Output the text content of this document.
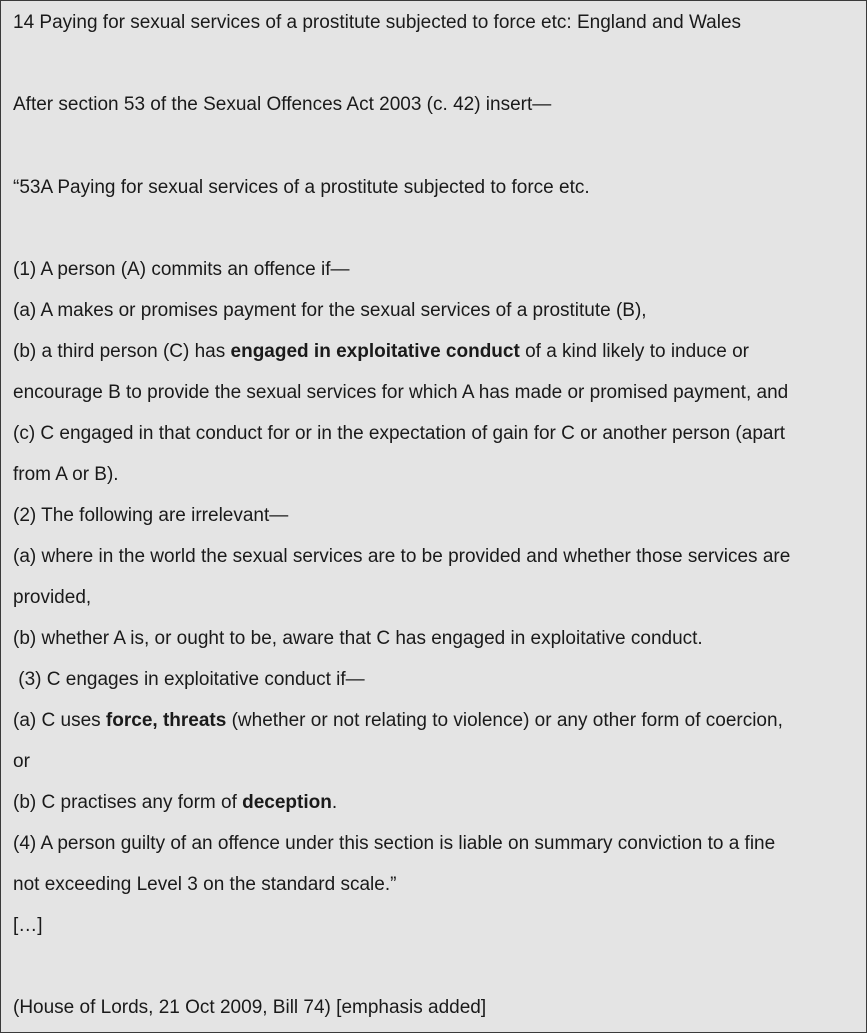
14 Paying for sexual services of a prostitute subjected to force etc: England and Wales
After section 53 of the Sexual Offences Act 2003 (c. 42) insert—
“53A Paying for sexual services of a prostitute subjected to force etc.
(1) A person (A) commits an offence if—
(a) A makes or promises payment for the sexual services of a prostitute (B),
(b) a third person (C) has engaged in exploitative conduct of a kind likely to induce or
encourage B to provide the sexual services for which A has made or promised payment, and
(c) C engaged in that conduct for or in the expectation of gain for C or another person (apart
from A or B).
(2) The following are irrelevant—
(a) where in the world the sexual services are to be provided and whether those services are
provided,
(b) whether A is, or ought to be, aware that C has engaged in exploitative conduct.
(3) C engages in exploitative conduct if—
(a) C uses force, threats (whether or not relating to violence) or any other form of coercion,
or
(b) C practises any form of deception.
(4) A person guilty of an offence under this section is liable on summary conviction to a fine
not exceeding Level 3 on the standard scale.”
[…]
(House of Lords, 21 Oct 2009, Bill 74) [emphasis added]
